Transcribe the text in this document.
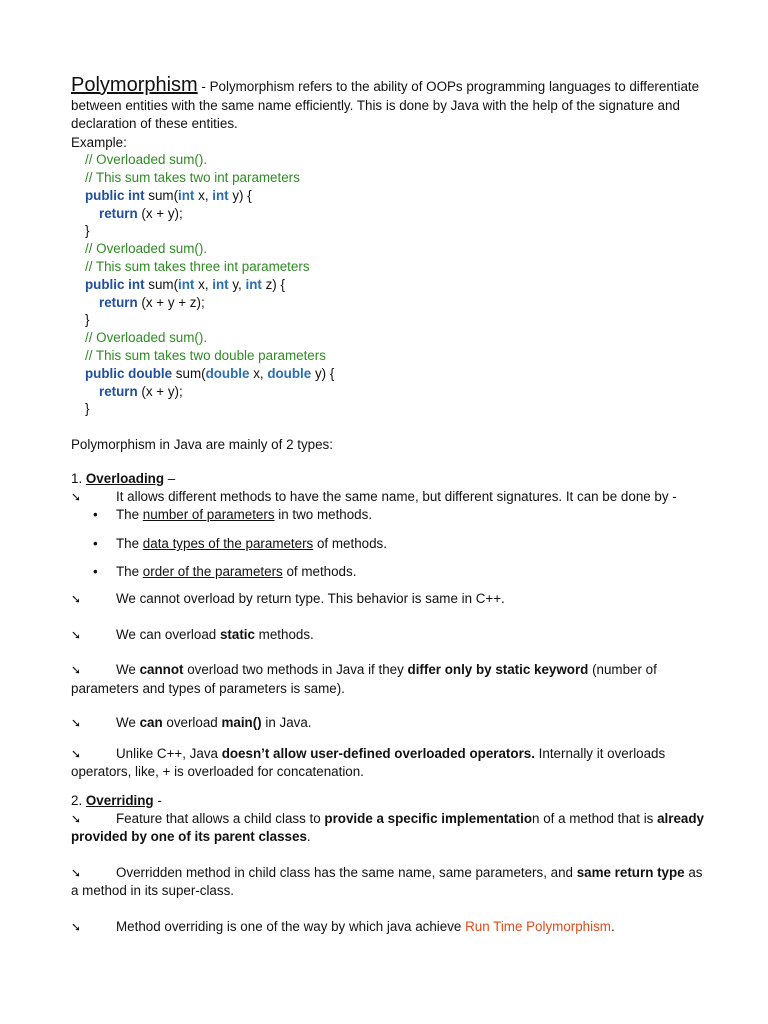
Polymorphism - Polymorphism refers to the ability of OOPs programming languages to differentiate between entities with the same name efficiently. This is done by Java with the help of the signature and declaration of these entities.
Example:
// Overloaded sum().
// This sum takes two int parameters
public int sum(int x, int y) {
return (x + y);
}
// Overloaded sum().
// This sum takes three int parameters
public int sum(int x, int y, int z) {
return (x + y + z);
}
// Overloaded sum().
// This sum takes two double parameters
public double sum(double x, double y) {
return (x + y);
}
Polymorphism in Java are mainly of 2 types:
1. Overloading –
➘	It allows different methods to have the same name, but different signatures. It can be done by -
• The number of parameters in two methods.
• The data types of the parameters of methods.
• The order of the parameters of methods.
➘	We cannot overload by return type. This behavior is same in C++.
➘	We can overload static methods.
➘	We cannot overload two methods in Java if they differ only by static keyword (number of parameters and types of parameters is same).
➘	We can overload main() in Java.
➘	Unlike C++, Java doesn’t allow user-defined overloaded operators. Internally it overloads operators, like, + is overloaded for concatenation.
2. Overriding -
➘	Feature that allows a child class to provide a specific implementation of a method that is already provided by one of its parent classes.
➘	Overridden method in child class has the same name, same parameters, and same return type as a method in its super-class.
➘	Method overriding is one of the way by which java achieve Run Time Polymorphism.
